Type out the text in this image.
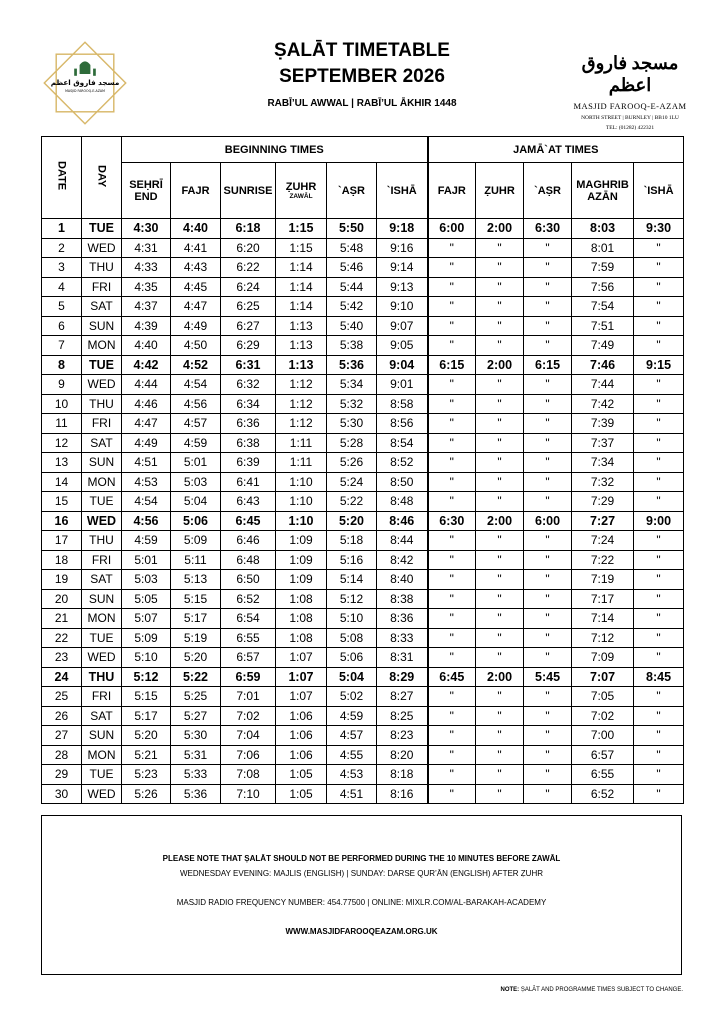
مسجد فاروق اعظم
MASJID FAROOQ-E-AZAM
ṢALĀT TIMETABLE
SEPTEMBER 2026
RABĪ’UL AWWAL | RABĪ’UL ĀKHIR 1448
مسجد فاروق اعظم
MASJID FAROOQ-E-AZAM
NORTH STREET | BURNLEY | BB10 1LU
TEL: (01282) 422321
DATE	DAY	BEGINNING TIMES						JAMĀ`AT TIMES				
		SEḤRĪ END	FAJR	SUNRISE	ẒUHR
ZAWĀL	`AṢR	`ISHĀ	FAJR	ẒUHR	`AṢR	MAGHRIB AZĀN	`ISHĀ
1	TUE	4:30	4:40	6:18	1:15	5:50	9:18	6:00	2:00	6:30	8:03	9:30
2	WED	4:31	4:41	6:20	1:15	5:48	9:16	"	"	"	8:01	"
3	THU	4:33	4:43	6:22	1:14	5:46	9:14	"	"	"	7:59	"
4	FRI	4:35	4:45	6:24	1:14	5:44	9:13	"	"	"	7:56	"
5	SAT	4:37	4:47	6:25	1:14	5:42	9:10	"	"	"	7:54	"
6	SUN	4:39	4:49	6:27	1:13	5:40	9:07	"	"	"	7:51	"
7	MON	4:40	4:50	6:29	1:13	5:38	9:05	"	"	"	7:49	"
8	TUE	4:42	4:52	6:31	1:13	5:36	9:04	6:15	2:00	6:15	7:46	9:15
9	WED	4:44	4:54	6:32	1:12	5:34	9:01	"	"	"	7:44	"
10	THU	4:46	4:56	6:34	1:12	5:32	8:58	"	"	"	7:42	"
11	FRI	4:47	4:57	6:36	1:12	5:30	8:56	"	"	"	7:39	"
12	SAT	4:49	4:59	6:38	1:11	5:28	8:54	"	"	"	7:37	"
13	SUN	4:51	5:01	6:39	1:11	5:26	8:52	"	"	"	7:34	"
14	MON	4:53	5:03	6:41	1:10	5:24	8:50	"	"	"	7:32	"
15	TUE	4:54	5:04	6:43	1:10	5:22	8:48	"	"	"	7:29	"
16	WED	4:56	5:06	6:45	1:10	5:20	8:46	6:30	2:00	6:00	7:27	9:00
17	THU	4:59	5:09	6:46	1:09	5:18	8:44	"	"	"	7:24	"
18	FRI	5:01	5:11	6:48	1:09	5:16	8:42	"	"	"	7:22	"
19	SAT	5:03	5:13	6:50	1:09	5:14	8:40	"	"	"	7:19	"
20	SUN	5:05	5:15	6:52	1:08	5:12	8:38	"	"	"	7:17	"
21	MON	5:07	5:17	6:54	1:08	5:10	8:36	"	"	"	7:14	"
22	TUE	5:09	5:19	6:55	1:08	5:08	8:33	"	"	"	7:12	"
23	WED	5:10	5:20	6:57	1:07	5:06	8:31	"	"	"	7:09	"
24	THU	5:12	5:22	6:59	1:07	5:04	8:29	6:45	2:00	5:45	7:07	8:45
25	FRI	5:15	5:25	7:01	1:07	5:02	8:27	"	"	"	7:05	"
26	SAT	5:17	5:27	7:02	1:06	4:59	8:25	"	"	"	7:02	"
27	SUN	5:20	5:30	7:04	1:06	4:57	8:23	"	"	"	7:00	"
28	MON	5:21	5:31	7:06	1:06	4:55	8:20	"	"	"	6:57	"
29	TUE	5:23	5:33	7:08	1:05	4:53	8:18	"	"	"	6:55	"
30	WED	5:26	5:36	7:10	1:05	4:51	8:16	"	"	"	6:52	"
PLEASE NOTE THAT ṢALĀT SHOULD NOT BE PERFORMED DURING THE 10 MINUTES BEFORE ZAWĀL
WEDNESDAY EVENING: MAJLIS (ENGLISH) | SUNDAY: DARSE QUR’ĀN (ENGLISH) AFTER ẒUHR
MASJID RADIO FREQUENCY NUMBER: 454.77500 | ONLINE: MIXLR.COM/AL-BARAKAH-ACADEMY
WWW.MASJIDFAROOQEAZAM.ORG.UK
NOTE: ṢALĀT AND PROGRAMME TIMES SUBJECT TO CHANGE.
